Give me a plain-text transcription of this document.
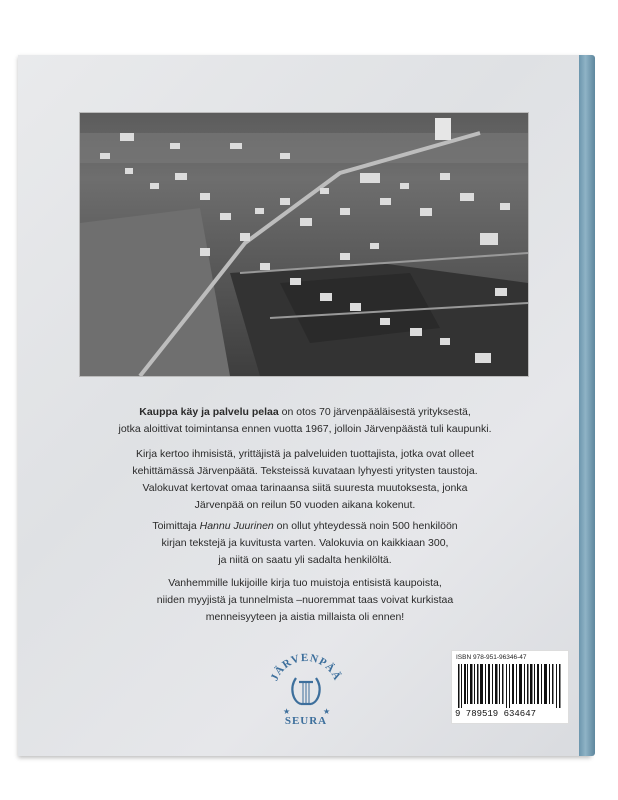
Kauppa käy ja palvelu pelaa on otos 70 järvenpääläisestä yrityksestä,
jotka aloittivat toimintansa ennen vuotta 1967, jolloin Järvenpäästä tuli kaupunki.
Kirja kertoo ihmisistä, yrittäjistä ja palveluiden tuottajista, jotka ovat olleet
kehittämässä Järvenpäätä. Teksteissä kuvataan lyhyesti yritysten taustoja.
Valokuvat kertovat omaa tarinaansa siitä suuresta muutoksesta, jonka
Järvenpää on reilun 50 vuoden aikana kokenut.
Toimittaja Hannu Juurinen on ollut yhteydessä noin 500 henkilöön
kirjan tekstejä ja kuvitusta varten. Valokuvia on kaikkiaan 300,
ja niitä on saatu yli sadalta henkilöltä.
Vanhemmille lukijoille kirja tuo muistoja entisistä kaupoista,
niiden myyjistä ja tunnelmista –nuoremmat taas voivat kurkistaa
menneisyyteen ja aistia millaista oli ennen!
JÄRVENPÄÄ
★	★
SEURA
ISBN 978-951-96346-47
9 789519 634647
